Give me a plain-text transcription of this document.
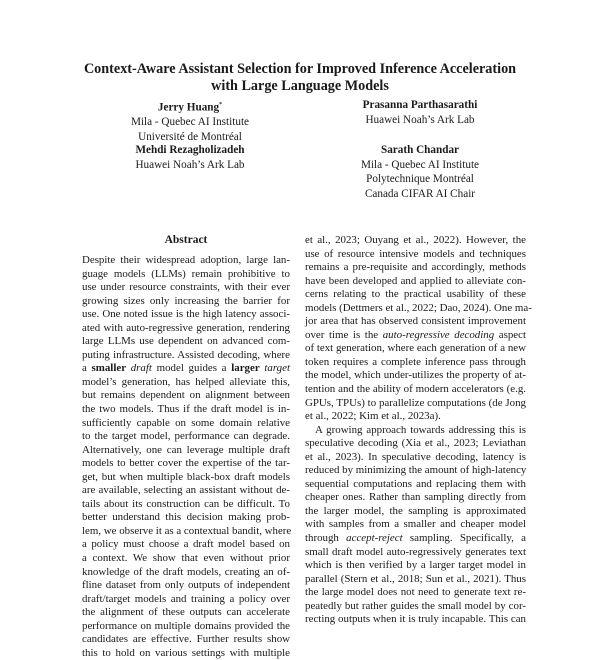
Context-Aware Assistant Selection for Improved Inference Acceleration
with Large Language Models
Jerry Huang*
Mila - Quebec AI Institute
Université de Montréal
Prasanna Parthasarathi
Huawei Noah’s Ark Lab
Mehdi Rezagholizadeh
Huawei Noah’s Ark Lab
Sarath Chandar
Mila - Quebec AI Institute
Polytechnique Montréal
Canada CIFAR AI Chair
Abstract
Despite their widespread adoption, large lan-
guage models (LLMs) remain prohibitive to
use under resource constraints, with their ever
growing sizes only increasing the barrier for
use. One noted issue is the high latency associ-
ated with auto-regressive generation, rendering
large LLMs use dependent on advanced com-
puting infrastructure. Assisted decoding, where
a smaller draft model guides a larger target
model’s generation, has helped alleviate this,
but remains dependent on alignment between
the two models. Thus if the draft model is in-
sufficiently capable on some domain relative
to the target model, performance can degrade.
Alternatively, one can leverage multiple draft
models to better cover the expertise of the tar-
get, but when multiple black-box draft models
are available, selecting an assistant without de-
tails about its construction can be difficult. To
better understand this decision making prob-
lem, we observe it as a contextual bandit, where
a policy must choose a draft model based on
a context. We show that even without prior
knowledge of the draft models, creating an of-
fline dataset from only outputs of independent
draft/target models and training a policy over
the alignment of these outputs can accelerate
performance on multiple domains provided the
candidates are effective. Further results show
this to hold on various settings with multiple
et al., 2023; Ouyang et al., 2022). However, the
use of resource intensive models and techniques
remains a pre-requisite and accordingly, methods
have been developed and applied to alleviate con-
cerns relating to the practical usability of these
models (Dettmers et al., 2022; Dao, 2024). One ma-
jor area that has observed consistent improvement
over time is the auto-regressive decoding aspect
of text generation, where each generation of a new
token requires a complete inference pass through
the model, which under-utilizes the property of at-
tention and the ability of modern accelerators (e.g.
GPUs, TPUs) to parallelize computations (de Jong
et al., 2022; Kim et al., 2023a).
A growing approach towards addressing this is
speculative decoding (Xia et al., 2023; Leviathan
et al., 2023). In speculative decoding, latency is
reduced by minimizing the amount of high-latency
sequential computations and replacing them with
cheaper ones. Rather than sampling directly from
the larger model, the sampling is approximated
with samples from a smaller and cheaper model
through accept-reject sampling. Specifically, a
small draft model auto-regressively generates text
which is then verified by a larger target model in
parallel (Stern et al., 2018; Sun et al., 2021). Thus
the large model does not need to generate text re-
peatedly but rather guides the small model by cor-
recting outputs when it is truly incapable. This can
